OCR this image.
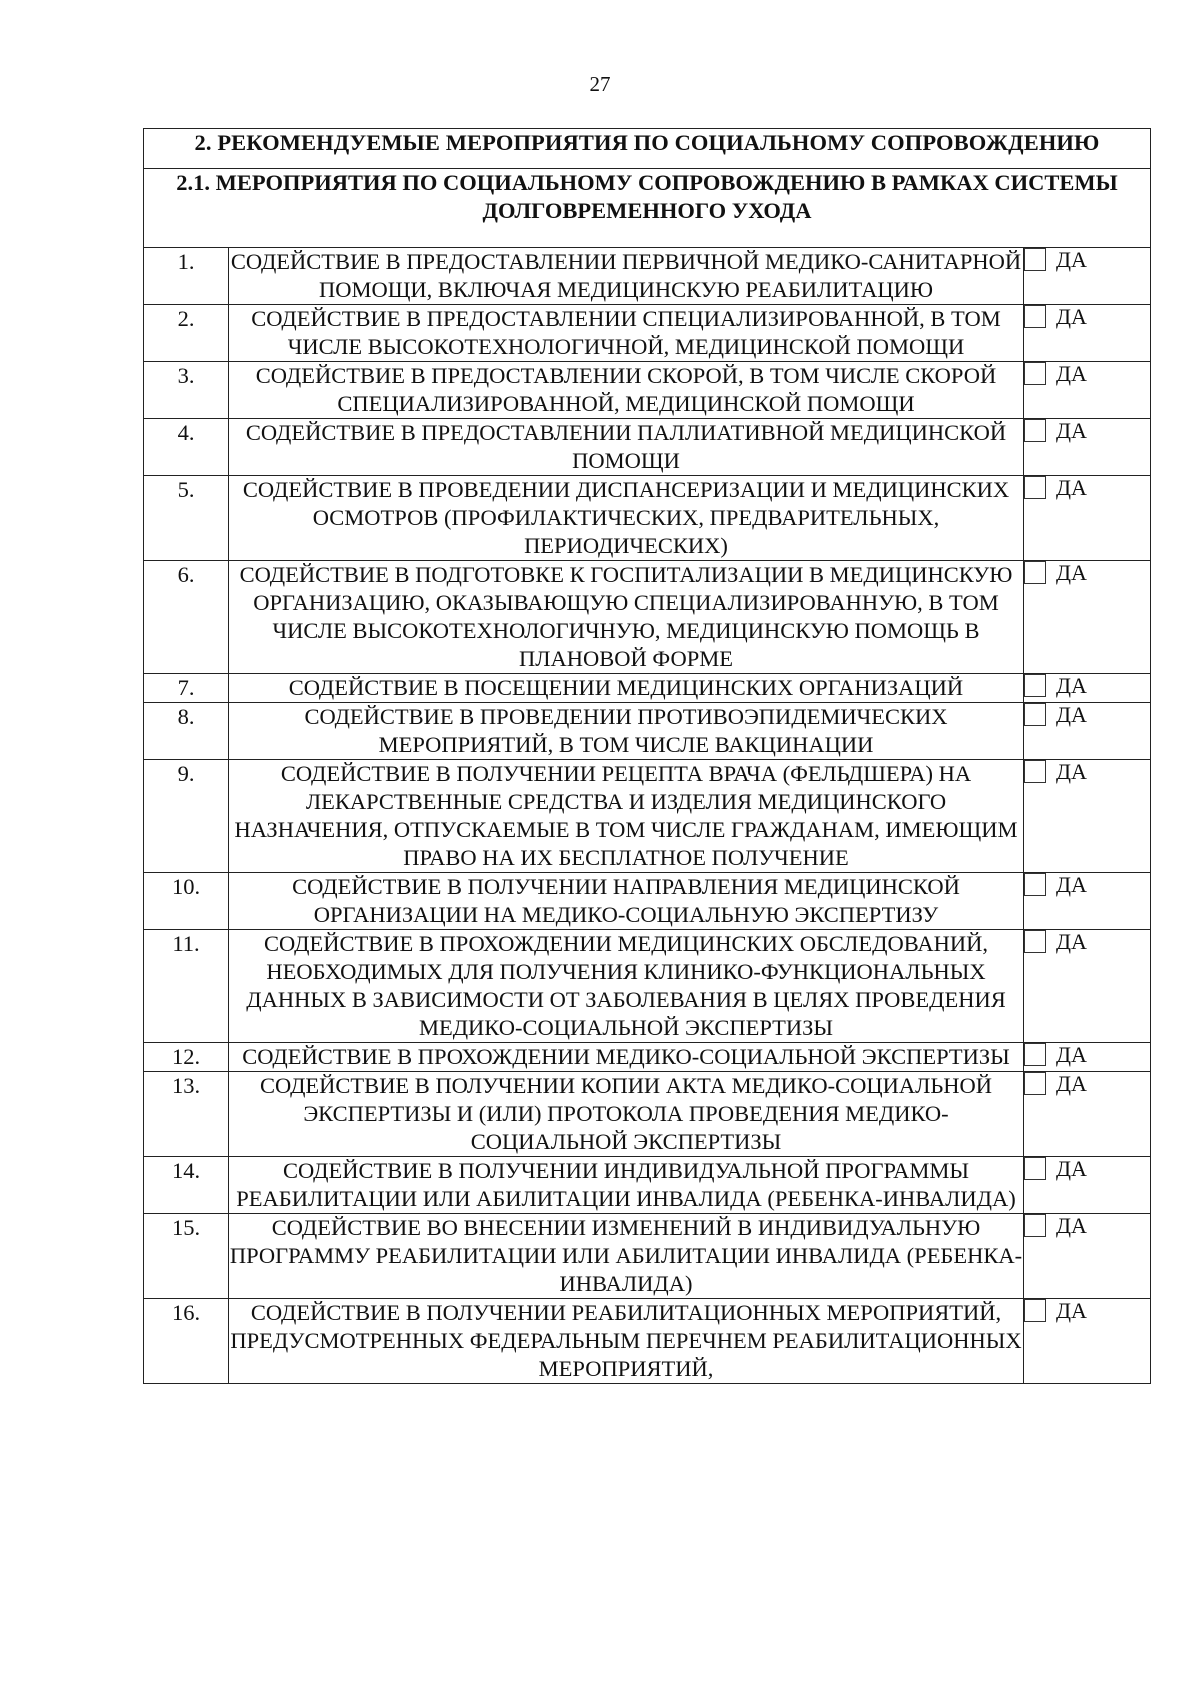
27
2. РЕКОМЕНДУЕМЫЕ МЕРОПРИЯТИЯ ПО СОЦИАЛЬНОМУ СОПРОВОЖДЕНИЮ		
2.1. МЕРОПРИЯТИЯ ПО СОЦИАЛЬНОМУ СОПРОВОЖДЕНИЮ В РАМКАХ СИСТЕМЫ ДОЛГОВРЕМЕННОГО УХОДА		
1.	СОДЕЙСТВИЕ В ПРЕДОСТАВЛЕНИИ ПЕРВИЧНОЙ МЕДИКО-САНИТАРНОЙ ПОМОЩИ, ВКЛЮЧАЯ МЕДИЦИНСКУЮ РЕАБИЛИТАЦИЮ	ДА

2.	СОДЕЙСТВИЕ В ПРЕДОСТАВЛЕНИИ СПЕЦИАЛИЗИРОВАННОЙ, В ТОМ ЧИСЛЕ ВЫСОКОТЕХНОЛОГИЧНОЙ, МЕДИЦИНСКОЙ ПОМОЩИ	ДА

3.	СОДЕЙСТВИЕ В ПРЕДОСТАВЛЕНИИ СКОРОЙ, В ТОМ ЧИСЛЕ СКОРОЙ СПЕЦИАЛИЗИРОВАННОЙ, МЕДИЦИНСКОЙ ПОМОЩИ	ДА

4.	СОДЕЙСТВИЕ В ПРЕДОСТАВЛЕНИИ ПАЛЛИАТИВНОЙ МЕДИЦИНСКОЙ ПОМОЩИ	ДА

5.	СОДЕЙСТВИЕ В ПРОВЕДЕНИИ ДИСПАНСЕРИЗАЦИИ И МЕДИЦИНСКИХ ОСМОТРОВ (ПРОФИЛАКТИЧЕСКИХ, ПРЕДВАРИТЕЛЬНЫХ, ПЕРИОДИЧЕСКИХ)	ДА

6.	СОДЕЙСТВИЕ В ПОДГОТОВКЕ К ГОСПИТАЛИЗАЦИИ В МЕДИЦИНСКУЮ ОРГАНИЗАЦИЮ, ОКАЗЫВАЮЩУЮ СПЕЦИАЛИЗИРОВАННУЮ, В ТОМ ЧИСЛЕ ВЫСОКОТЕХНОЛОГИЧНУЮ, МЕДИЦИНСКУЮ ПОМОЩЬ В ПЛАНОВОЙ ФОРМЕ	ДА

7.	СОДЕЙСТВИЕ В ПОСЕЩЕНИИ МЕДИЦИНСКИХ ОРГАНИЗАЦИЙ	ДА

8.	СОДЕЙСТВИЕ В ПРОВЕДЕНИИ ПРОТИВОЭПИДЕМИЧЕСКИХ МЕРОПРИЯТИЙ, В ТОМ ЧИСЛЕ ВАКЦИНАЦИИ	ДА

9.	СОДЕЙСТВИЕ В ПОЛУЧЕНИИ РЕЦЕПТА ВРАЧА (ФЕЛЬДШЕРА) НА ЛЕКАРСТВЕННЫЕ СРЕДСТВА И ИЗДЕЛИЯ МЕДИЦИНСКОГО НАЗНАЧЕНИЯ, ОТПУСКАЕМЫЕ В ТОМ ЧИСЛЕ ГРАЖДАНАМ, ИМЕЮЩИМ ПРАВО НА ИХ БЕСПЛАТНОЕ ПОЛУЧЕНИЕ	ДА

10.	СОДЕЙСТВИЕ В ПОЛУЧЕНИИ НАПРАВЛЕНИЯ МЕДИЦИНСКОЙ ОРГАНИЗАЦИИ НА МЕДИКО-СОЦИАЛЬНУЮ ЭКСПЕРТИЗУ	ДА

11.	СОДЕЙСТВИЕ В ПРОХОЖДЕНИИ МЕДИЦИНСКИХ ОБСЛЕДОВАНИЙ, НЕОБХОДИМЫХ ДЛЯ ПОЛУЧЕНИЯ КЛИНИКО-ФУНКЦИОНАЛЬНЫХ ДАННЫХ В ЗАВИСИМОСТИ ОТ ЗАБОЛЕВАНИЯ В ЦЕЛЯХ ПРОВЕДЕНИЯ МЕДИКО-СОЦИАЛЬНОЙ ЭКСПЕРТИЗЫ	ДА

12.	СОДЕЙСТВИЕ В ПРОХОЖДЕНИИ МЕДИКО-СОЦИАЛЬНОЙ ЭКСПЕРТИЗЫ	ДА

13.	СОДЕЙСТВИЕ В ПОЛУЧЕНИИ КОПИИ АКТА МЕДИКО-СОЦИАЛЬНОЙ ЭКСПЕРТИЗЫ И (ИЛИ) ПРОТОКОЛА ПРОВЕДЕНИЯ МЕДИКО-СОЦИАЛЬНОЙ ЭКСПЕРТИЗЫ	ДА

14.	СОДЕЙСТВИЕ В ПОЛУЧЕНИИ ИНДИВИДУАЛЬНОЙ ПРОГРАММЫ РЕАБИЛИТАЦИИ ИЛИ АБИЛИТАЦИИ ИНВАЛИДА (РЕБЕНКА-ИНВАЛИДА)	ДА

15.	СОДЕЙСТВИЕ ВО ВНЕСЕНИИ ИЗМЕНЕНИЙ В ИНДИВИДУАЛЬНУЮ ПРОГРАММУ РЕАБИЛИТАЦИИ ИЛИ АБИЛИТАЦИИ ИНВАЛИДА (РЕБЕНКА-ИНВАЛИДА)	ДА

16.	СОДЕЙСТВИЕ В ПОЛУЧЕНИИ РЕАБИЛИТАЦИОННЫХ МЕРОПРИЯТИЙ, ПРЕДУСМОТРЕННЫХ ФЕДЕРАЛЬНЫМ ПЕРЕЧНЕМ РЕАБИЛИТАЦИОННЫХ МЕРОПРИЯТИЙ,	ДА
